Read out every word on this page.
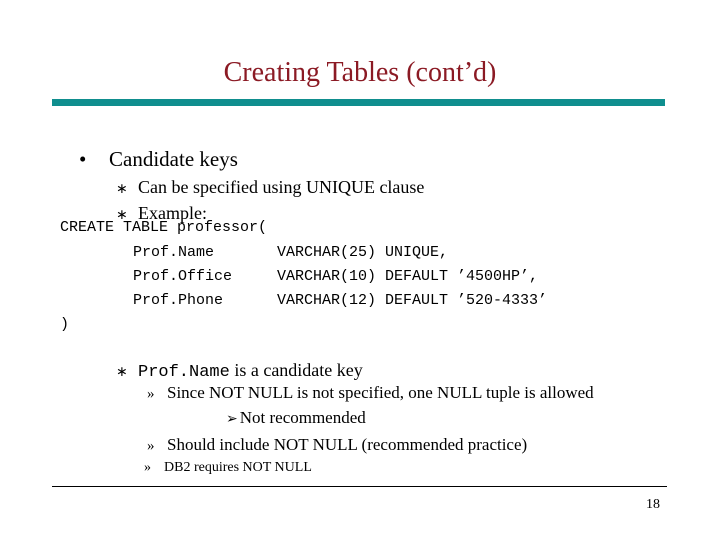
Creating Tables (cont’d)

• Candidate keys

∗ Can be specified using UNIQUE clause

∗ Example:

CREATE TABLE professor(
Prof.Name	VARCHAR(25) UNIQUE,
Prof.Office	VARCHAR(10) DEFAULT ’4500HP’,
Prof.Phone	VARCHAR(12) DEFAULT ’520-4333’
)

∗ Prof.Name is a candidate key

» Since NOT NULL is not specified, one NULL tuple is allowed

➢ Not recommended

» Should include NOT NULL (recommended practice)

» DB2 requires NOT NULL

18
